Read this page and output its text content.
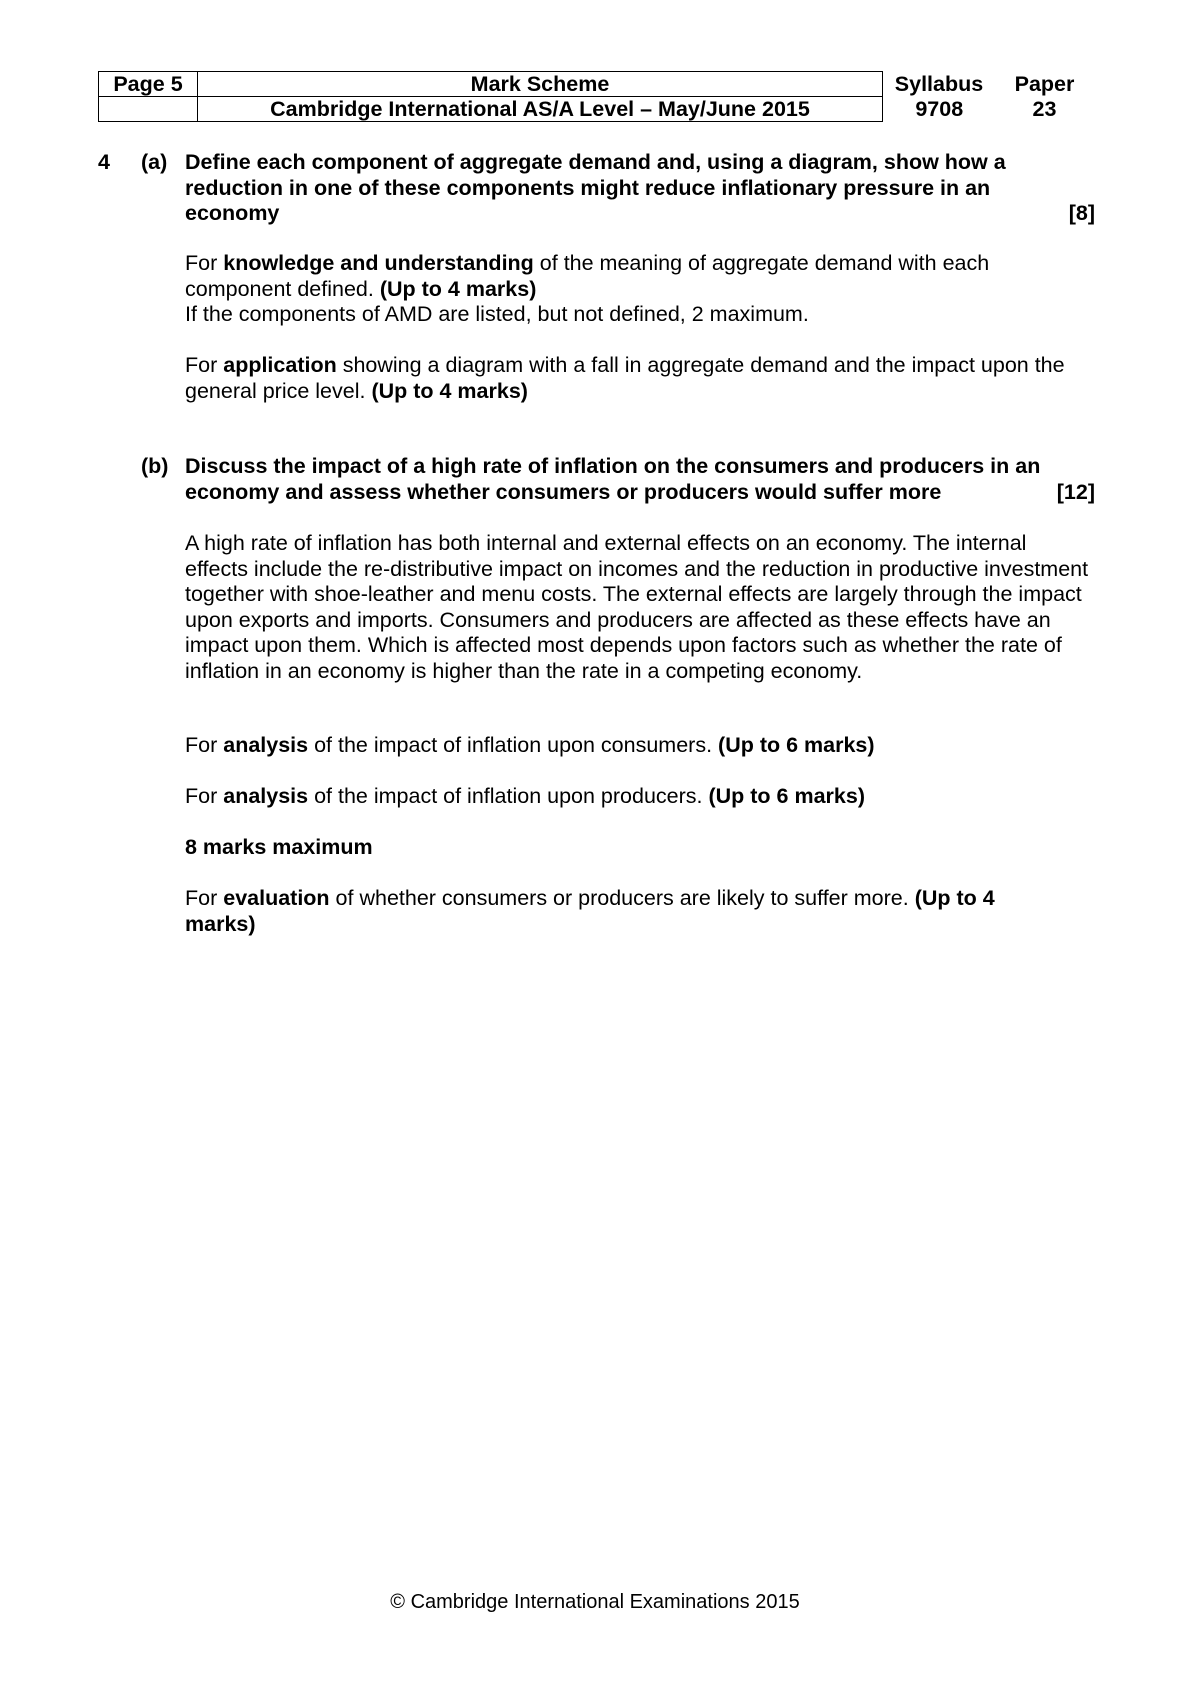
Page 5	Mark Scheme	Syllabus	Paper
	Cambridge International AS/A Level – May/June 2015	9708	23
4 (a) Define each component of aggregate demand and, using a diagram, show how a
reduction in one of these components might reduce inflationary pressure in an
economy	[8]

For knowledge and understanding of the meaning of aggregate demand with each component defined. (Up to 4 marks)

If the components of AMD are listed, but not defined, 2 maximum.

For application showing a diagram with a fall in aggregate demand and the impact upon the general price level. (Up to 4 marks)

(b) Discuss the impact of a high rate of inflation on the consumers and producers in an
economy and assess whether consumers or producers would suffer more	[12]

A high rate of inflation has both internal and external effects on an economy. The internal effects include the re-distributive impact on incomes and the reduction in productive investment together with shoe-leather and menu costs. The external effects are largely through the impact upon exports and imports. Consumers and producers are affected as these effects have an impact upon them. Which is affected most depends upon factors such as whether the rate of inflation in an economy is higher than the rate in a competing economy.

For analysis of the impact of inflation upon consumers. (Up to 6 marks)

For analysis of the impact of inflation upon producers. (Up to 6 marks)

8 marks maximum

For evaluation of whether consumers or producers are likely to suffer more. (Up to 4 marks)

© Cambridge International Examinations 2015
